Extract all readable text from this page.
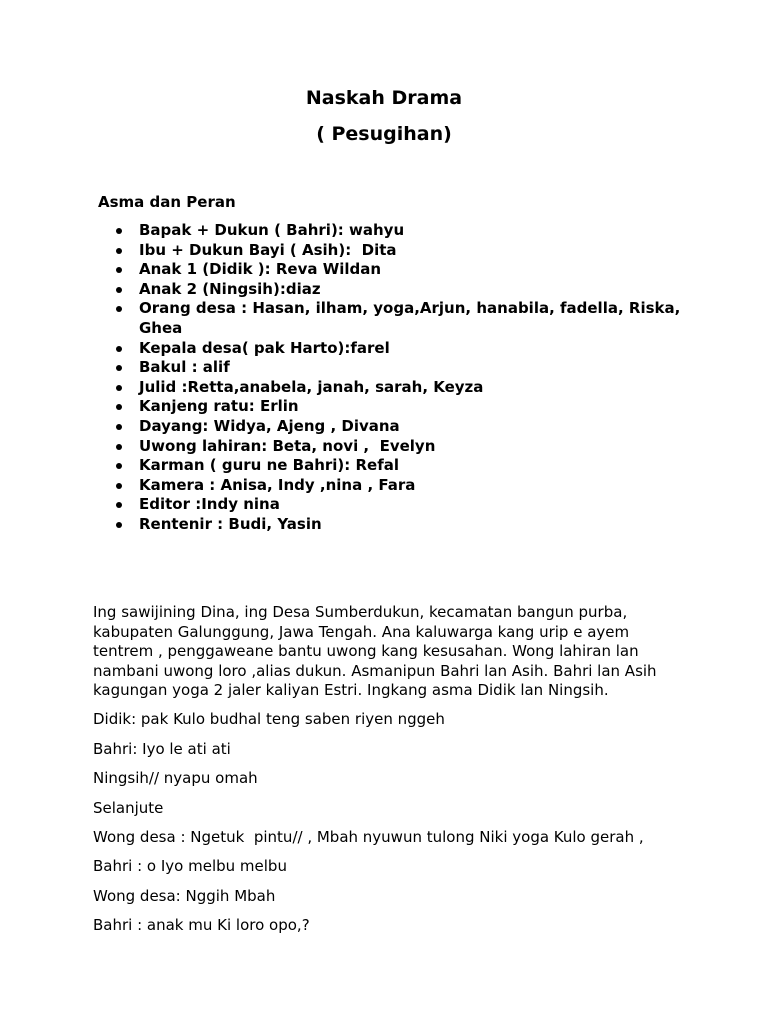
Naskah Drama
( Pesugihan)

Asma dan Peran

Bapak + Dukun ( Bahri): wahyu
Ibu + Dukun Bayi ( Asih):  Dita
Anak 1 (Didik ): Reva Wildan
Anak 2 (Ningsih):diaz
Orang desa : Hasan, ilham, yoga,Arjun, hanabila, fadella, Riska, Ghea
Kepala desa( pak Harto):farel
Bakul : alif
Julid :Retta,anabela, janah, sarah, Keyza
Kanjeng ratu: Erlin
Dayang: Widya, Ajeng , Divana
Uwong lahiran: Beta, novi ,  Evelyn
Karman ( guru ne Bahri): Refal
Kamera : Anisa, Indy ,nina , Fara
Editor :Indy nina
Rentenir : Budi, Yasin

Ing sawijining Dina, ing Desa Sumberdukun, kecamatan bangun purba,
kabupaten Galunggung, Jawa Tengah. Ana kaluwarga kang urip e ayem
tentrem , penggaweane bantu uwong kang kesusahan. Wong lahiran lan
nambani uwong loro ,alias dukun. Asmanipun Bahri lan Asih. Bahri lan Asih
kagungan yoga 2 jaler kaliyan Estri. Ingkang asma Didik lan Ningsih.

Didik: pak Kulo budhal teng saben riyen nggeh

Bahri: Iyo le ati ati

Ningsih// nyapu omah

Selanjute

Wong desa : Ngetuk  pintu// , Mbah nyuwun tulong Niki yoga Kulo gerah ,

Bahri : o Iyo melbu melbu

Wong desa: Nggih Mbah

Bahri : anak mu Ki loro opo,?
